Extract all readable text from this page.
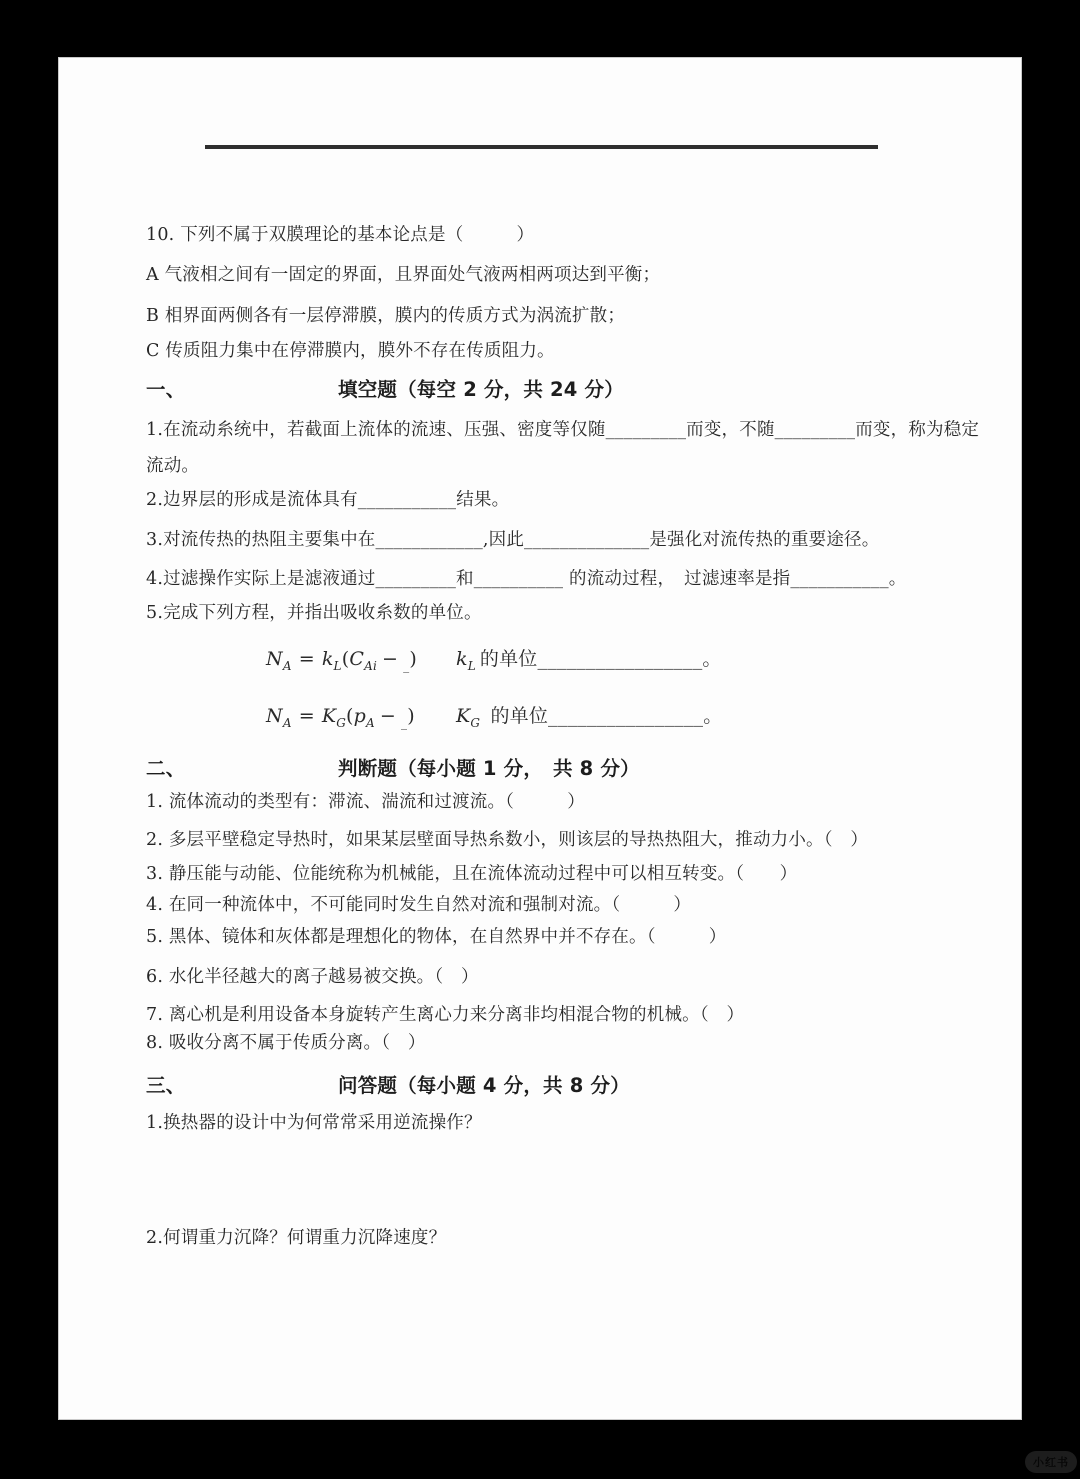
10. 下列不属于双膜理论的基本论点是（　　　）

A 气液相之间有一固定的界面，且界面处气液两相两项达到平衡；

B 相界面两侧各有一层停滞膜，膜内的传质方式为涡流扩散；

C 传质阻力集中在停滞膜内，膜外不存在传质阻力。

一、	填空题（每空 2 分，共 24 分）

1.在流动糸统中，若截面上流体的流速、压强、密度等仅随_________而变，不随_________而变，称为稳定

流动。

2.边界层的形成是流体具有___________结果。

3.对流传热的热阻主要集中在____________,因此______________是强化对流传热的重要途径。

4.过滤操作实际上是滤液通过_________和__________ 的流动过程，　过滤速率是指___________。

5.完成下列方程，并指出吸收糸数的单位。

$N_A = k_L(C_{Ai} - _{\_})$ $k_L$ 的单位_________________。

$N_A = K_G(p_A - _{\_})$ $K_G$ 的单位________________。

二、	判断题（每小题 1 分，　共 8 分）

1. 流体流动的类型有：滞流、湍流和过渡流。（　　　）

2. 多层平壁稳定导热时，如果某层壁面导热糸数小，则该层的导热热阻大，推动力小。（　）

3. 静压能与动能、位能统称为机械能，且在流体流动过程中可以相互转变。（　　）

4. 在同一种流体中，不可能同时发生自然对流和强制对流。（　　　）

5. 黑体、镜体和灰体都是理想化的物体，在自然界中并不存在。（　　　）

6. 水化半径越大的离子越易被交换。（　）

7. 离心机是利用设备本身旋转产生离心力来分离非均相混合物的机械。（　）

8. 吸收分离不属于传质分离。（　）

三、	问答题（每小题 4 分，共 8 分）

1.换热器的设计中为何常常采用逆流操作？

2.何谓重力沉降？何谓重力沉降速度？

小红书
